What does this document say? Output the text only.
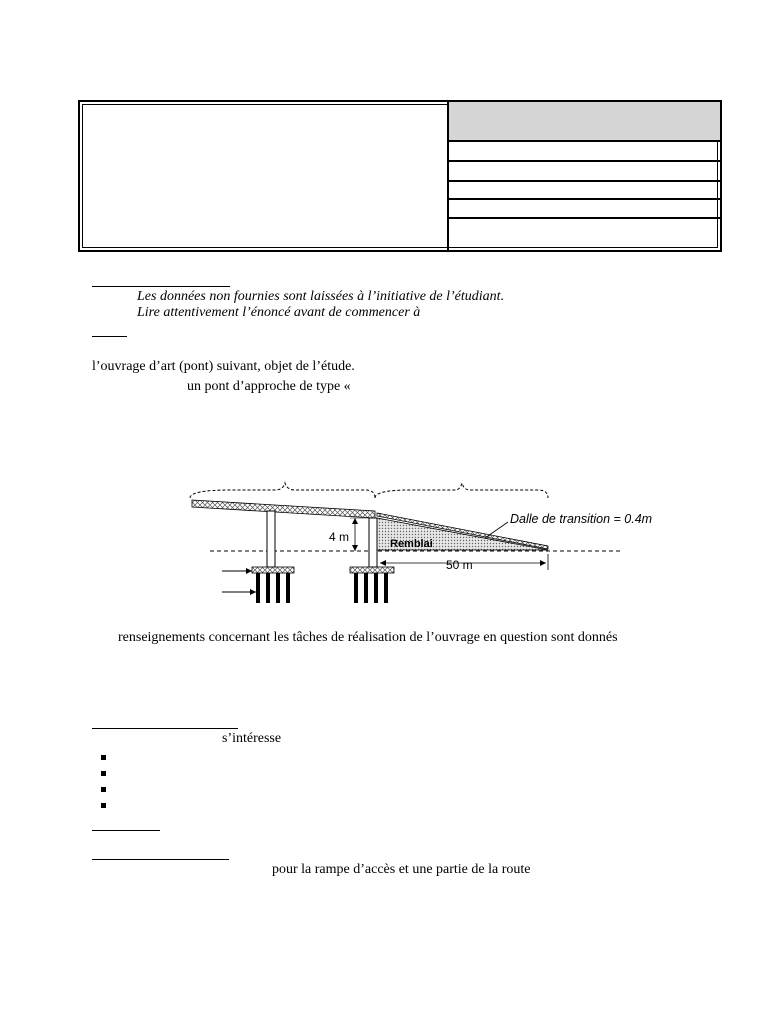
Les données non fournies sont laissées à l’initiative de l’étudiant.
Lire attentivement l’énoncé avant de commencer à
l’ouvrage d’art (pont) suivant, objet de l’étude.
un pont d’approche de type «
4 m	Remblai
Dalle de transition = 0.4m
50 m
renseignements concernant les tâches de réalisation de l’ouvrage en question sont donnés
s’intéresse
pour la rampe d’accès et une partie de la route
